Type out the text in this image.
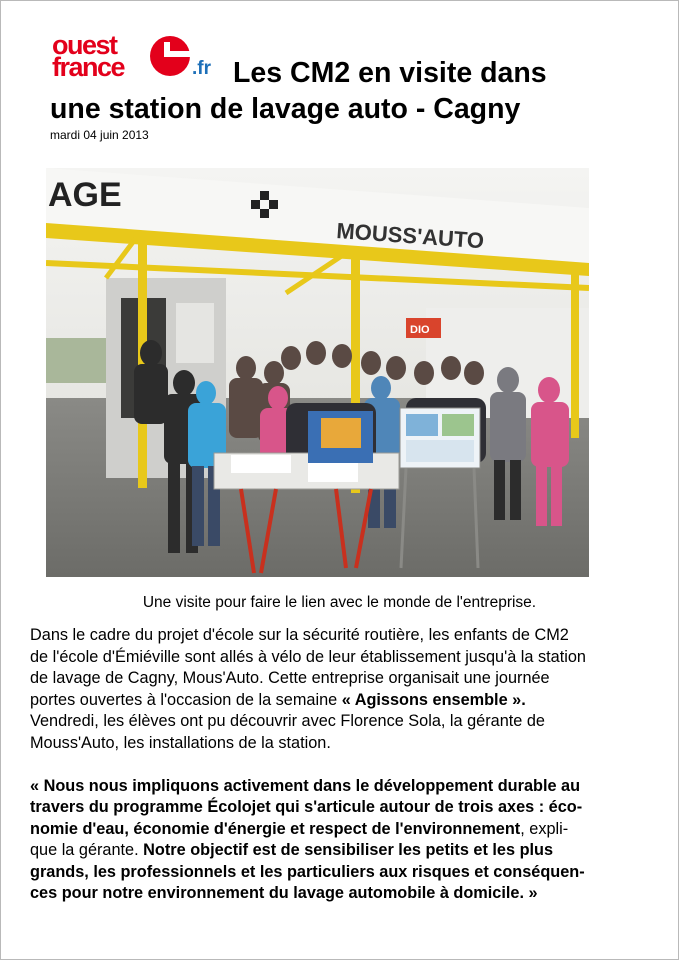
ouest
france	.fr Les CM2 en visite dans
une station de lavage auto - Cagny
mardi 04 juin 2013
DIO
AGE
MOUSS'AUTO
Une visite pour faire le lien avec le monde de l'entreprise.

Dans le cadre du projet d'école sur la sécurité routière, les enfants de CM2
de l'école d'Émiéville sont allés à vélo de leur établissement jusqu'à la station
de lavage de Cagny, Mous'Auto. Cette entreprise organisait une journée
portes ouvertes à l'occasion de la semaine « Agissons ensemble ».
Vendredi, les élèves ont pu découvrir avec Florence Sola, la gérante de
Mouss'Auto, les installations de la station.

« Nous nous impliquons activement dans le développement durable au
travers du programme Écolojet qui s'articule autour de trois axes : éco-
nomie d'eau, économie d'énergie et respect de l'environnement, expli-
que la gérante. Notre objectif est de sensibiliser les petits et les plus
grands, les professionnels et les particuliers aux risques et conséquen-
ces pour notre environnement du lavage automobile à domicile. »
